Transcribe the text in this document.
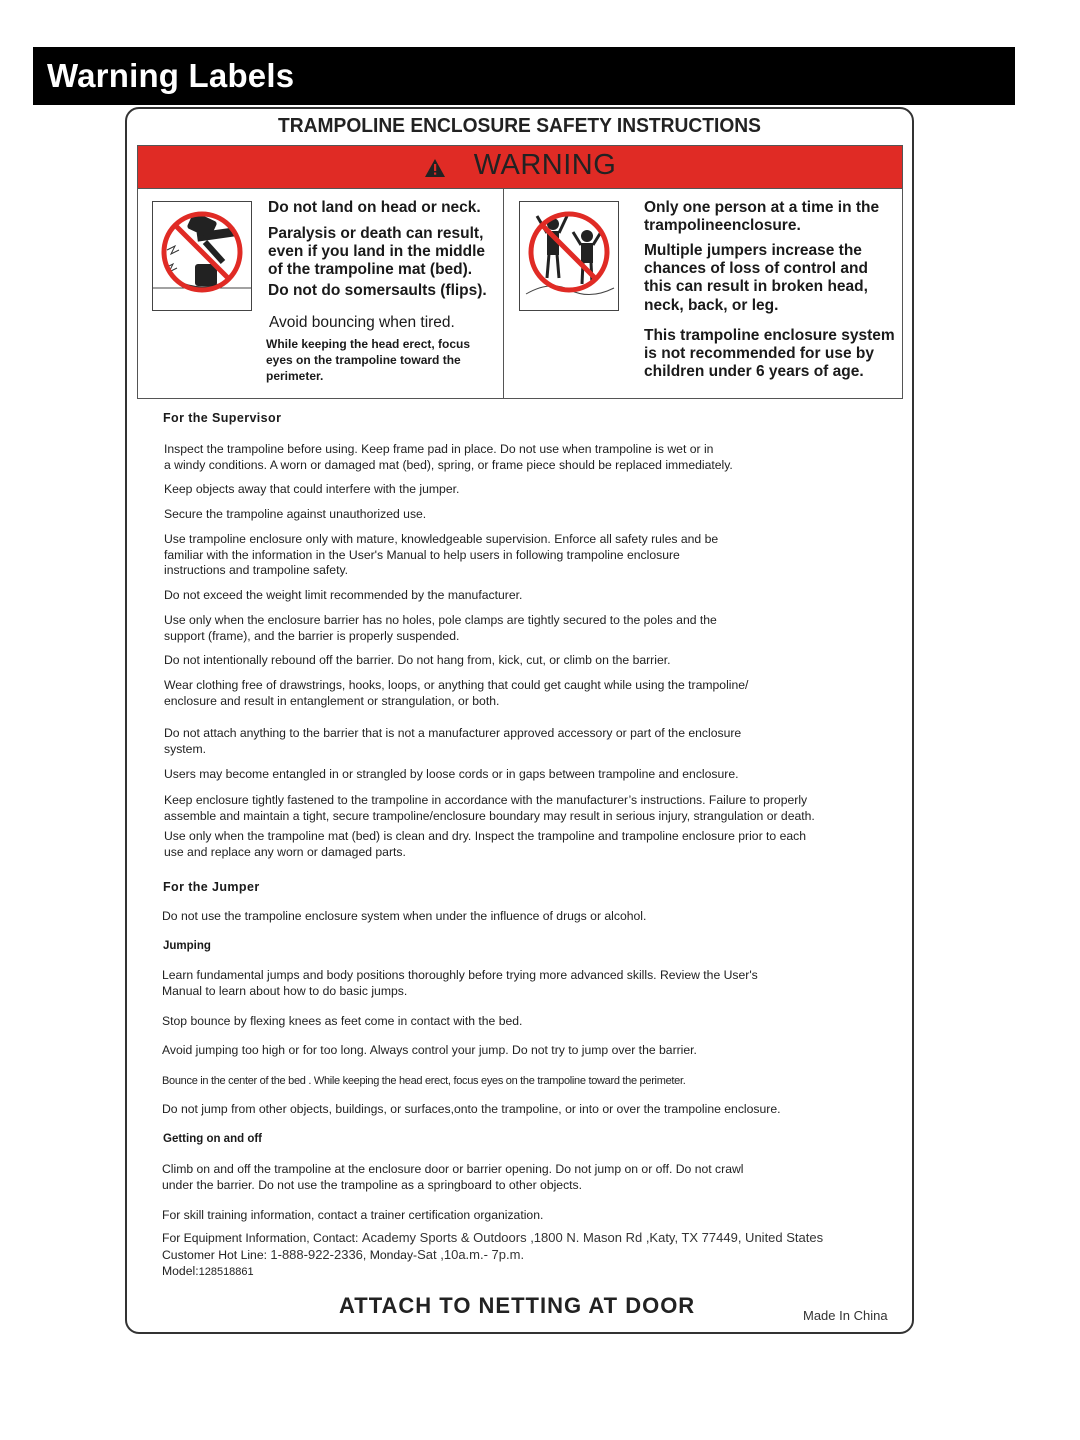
Warning Labels
TRAMPOLINE ENCLOSURE SAFETY INSTRUCTIONS
WARNING
Do not land on head or neck.
Paralysis or death can result,
even if you land in the middle
of the trampoline mat (bed).
Do not do somersaults (flips).
Avoid bouncing when tired.
While keeping the head erect, focus
eyes on the trampoline toward the
perimeter.
Only one person at a time in the
trampolineenclosure.
Multiple jumpers increase the
chances of loss of control and
this can result in broken head,
neck, back, or leg.
This trampoline enclosure system
is not recommended for use by
children under 6 years of age.
For the Supervisor
Inspect the trampoline before using. Keep frame pad in place. Do not use when trampoline is wet or in
a windy conditions. A worn or damaged mat (bed), spring, or frame piece should be replaced immediately.
Keep objects away that could interfere with the jumper.
Secure the trampoline against unauthorized use.
Use trampoline enclosure only with mature, knowledgeable supervision. Enforce all safety rules and be
familiar with the information in the User's Manual to help users in following trampoline enclosure
instructions and trampoline safety.
Do not exceed the weight limit recommended by the manufacturer.
Use only when the enclosure barrier has no holes, pole clamps are tightly secured to the poles and the
support (frame), and the barrier is properly suspended.
Do not intentionally rebound off the barrier. Do not hang from, kick, cut, or climb on the barrier.
Wear clothing free of drawstrings, hooks, loops, or anything that could get caught while using the trampoline/
enclosure and result in entanglement or strangulation, or both.
Do not attach anything to the barrier that is not a manufacturer approved accessory or part of the enclosure
system.
Users may become entangled in or strangled by loose cords or in gaps between trampoline and enclosure.
Keep enclosure tightly fastened to the trampoline in accordance with the manufacturer’s instructions. Failure to properly
assemble and maintain a tight, secure trampoline/enclosure boundary may result in serious injury, strangulation or death.
Use only when the trampoline mat (bed) is clean and dry. Inspect the trampoline and trampoline enclosure prior to each
use and replace any worn or damaged parts.
For the Jumper
Do not use the trampoline enclosure system when under the influence of drugs or alcohol.
Jumping
Learn fundamental jumps and body positions thoroughly before trying more advanced skills. Review the User's
Manual to learn about how to do basic jumps.
Stop bounce by flexing knees as feet come in contact with the bed.
Avoid jumping too high or for too long. Always control your jump. Do not try to jump over the barrier.
Bounce in the center of the bed . While keeping the head erect, focus eyes on the trampoline toward the perimeter.
Do not jump from other objects, buildings, or surfaces,onto the trampoline, or into or over the trampoline enclosure.
Getting on and off
Climb on and off the trampoline at the enclosure door or barrier opening. Do not jump on or off. Do not crawl
under the barrier. Do not use the trampoline as a springboard to other objects.
For skill training information, contact a trainer certification organization.
For Equipment Information, Contact: Academy Sports & Outdoors ,1800 N. Mason Rd ,Katy, TX 77449, United States
Customer Hot Line: 1-888-922-2336, Monday-Sat ,10a.m.- 7p.m.
Model:128518861
ATTACH TO NETTING AT DOOR	Made In China
